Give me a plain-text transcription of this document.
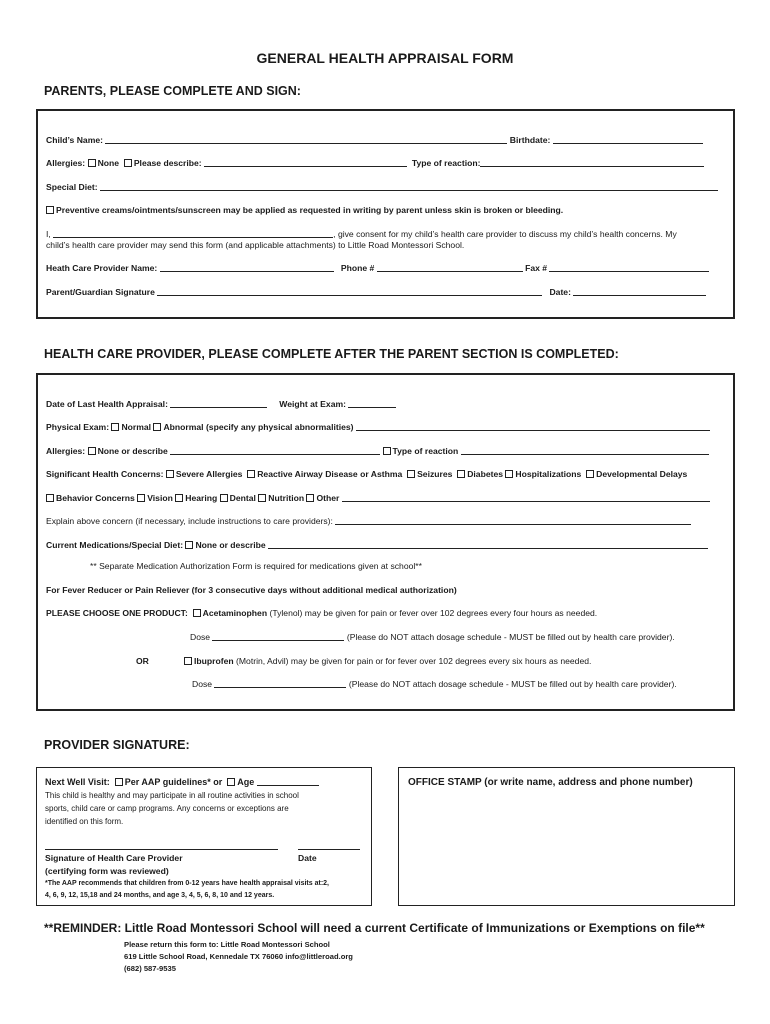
GENERAL HEALTH APPRAISAL FORM
PARENTS, PLEASE COMPLETE AND SIGN:
Child’s Name:	Birthdate:
Allergies: None Please describe:	Type of reaction:
Special Diet:
Preventive creams/ointments/sunscreen may be applied as requested in writing by parent unless skin is broken or bleeding.
I,	, give consent for my child’s health care provider to discuss my child’s health concerns. My
child’s health care provider may send this form (and applicable attachments) to Little Road Montessori School.
Heath Care Provider Name:	Phone #	Fax #
Parent/Guardian Signature	Date:
HEALTH CARE PROVIDER, PLEASE COMPLETE AFTER THE PARENT SECTION IS COMPLETED:
Date of Last Health Appraisal:	Weight at Exam:
Physical Exam: Normal Abnormal (specify any physical abnormalities)
Allergies: None or describe	Type of reaction
Significant Health Concerns: Severe Allergies Reactive Airway Disease or Asthma Seizures Diabetes Hospitalizations Developmental Delays
Behavior Concerns Vision Hearing Dental Nutrition Other
Explain above concern (if necessary, include instructions to care providers):
Current Medications/Special Diet: None or describe
** Separate Medication Authorization Form is required for medications given at school**
For Fever Reducer or Pain Reliever (for 3 consecutive days without additional medical authorization)
PLEASE CHOOSE ONE PRODUCT: Acetaminophen (Tylenol) may be given for pain or fever over 102 degrees every four hours as needed.
Dose	(Please do NOT attach dosage schedule - MUST be filled out by health care provider).
OR	Ibuprofen (Motrin, Advil) may be given for pain or for fever over 102 degrees every six hours as needed.
Dose	(Please do NOT attach dosage schedule - MUST be filled out by health care provider).
PROVIDER SIGNATURE:
Next Well Visit: Per AAP guidelines* or Age
This child is healthy and may participate in all routine activities in school
sports, child care or camp programs. Any concerns or exceptions are
identified on this form.
Signature of Health Care Provider	Date
(certifying form was reviewed)
*The AAP recommends that children from 0-12 years have health appraisal visits at:2,
4, 6, 9, 12, 15,18 and 24 months, and age 3, 4, 5, 6, 8, 10 and 12 years.
OFFICE STAMP (or write name, address and phone number)
**REMINDER: Little Road Montessori School will need a current Certificate of Immunizations or Exemptions on file**
Please return this form to: Little Road Montessori School
619 Little School Road, Kennedale TX 76060 info@littleroad.org
(682) 587-9535
